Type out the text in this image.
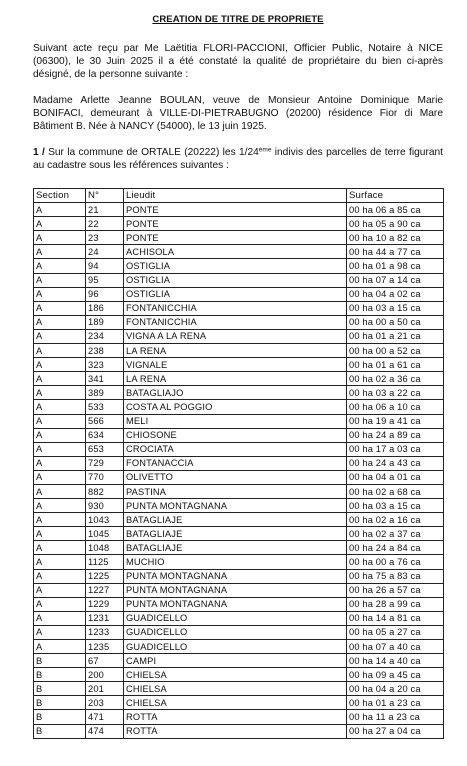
CREATION DE TITRE DE PROPRIETE

Suivant acte reçu par Me Laëtitia FLORI-PACCIONI, Officier Public, Notaire à NICE (06300), le 30 Juin 2025 il a été constaté la qualité de propriétaire du bien ci-après désigné, de la personne suivante :

Madame Arlette Jeanne BOULAN, veuve de Monsieur Antoine Dominique Marie BONIFACI, demeurant à VILLE-DI-PIETRABUGNO (20200) résidence Fior di Mare Bâtiment B. Née à NANCY (54000), le 13 juin 1925.

1 / Sur la commune de ORTALE (20222) les 1/24ème indivis des parcelles de terre figurant au cadastre sous les références suivantes :

Section	N°	Lieudit	Surface
A	21	PONTE	00 ha 06 a 85 ca
A	22	PONTE	00 ha 05 a 90 ca
A	23	PONTE	00 ha 10 a 82 ca
A	24	ACHISOLA	00 ha 44 a 77 ca
A	94	OSTIGLIA	00 ha 01 a 98 ca
A	95	OSTIGLIA	00 ha 07 a 14 ca
A	96	OSTIGLIA	00 ha 04 a 02 ca
A	186	FONTANICCHIA	00 ha 03 a 15 ca
A	189	FONTANICCHIA	00 ha 00 a 50 ca
A	234	VIGNA A LA RENA	00 ha 01 a 21 ca
A	238	LA RENA	00 ha 00 a 52 ca
A	323	VIGNALE	00 ha 01 a 61 ca
A	341	LA RENA	00 ha 02 a 36 ca
A	389	BATAGLIAJO	00 ha 03 a 22 ca
A	533	COSTA AL POGGIO	00 ha 06 a 10 ca
A	566	MELI	00 ha 19 a 41 ca
A	634	CHIOSONE	00 ha 24 a 89 ca
A	653	CROCIATA	00 ha 17 a 03 ca
A	729	FONTANACCIA	00 ha 24 a 43 ca
A	770	OLIVETTO	00 ha 04 a 01 ca
A	882	PASTINA	00 ha 02 a 68 ca
A	930	PUNTA MONTAGNANA	00 ha 03 a 15 ca
A	1043	BATAGLIAJE	00 ha 02 a 16 ca
A	1045	BATAGLIAJE	00 ha 02 a 37 ca
A	1048	BATAGLIAJE	00 ha 24 a 84 ca
A	1125	MUCHIO	00 ha 00 a 76 ca
A	1225	PUNTA MONTAGNANA	00 ha 75 a 83 ca
A	1227	PUNTA MONTAGNANA	00 ha 26 a 57 ca
A	1229	PUNTA MONTAGNANA	00 ha 28 a 99 ca
A	1231	GUADICELLO	00 ha 14 a 81 ca
A	1233	GUADICELLO	00 ha 05 a 27 ca
A	1235	GUADICELLO	00 ha 07 a 40 ca
B	67	CAMPI	00 ha 14 a 40 ca
B	200	CHIELSA	00 ha 09 a 45 ca
B	201	CHIELSA	00 ha 04 a 20 ca
B	203	CHIELSA	00 ha 01 a 23 ca
B	471	ROTTA	00 ha 11 a 23 ca
B	474	ROTTA	00 ha 27 a 04 ca
